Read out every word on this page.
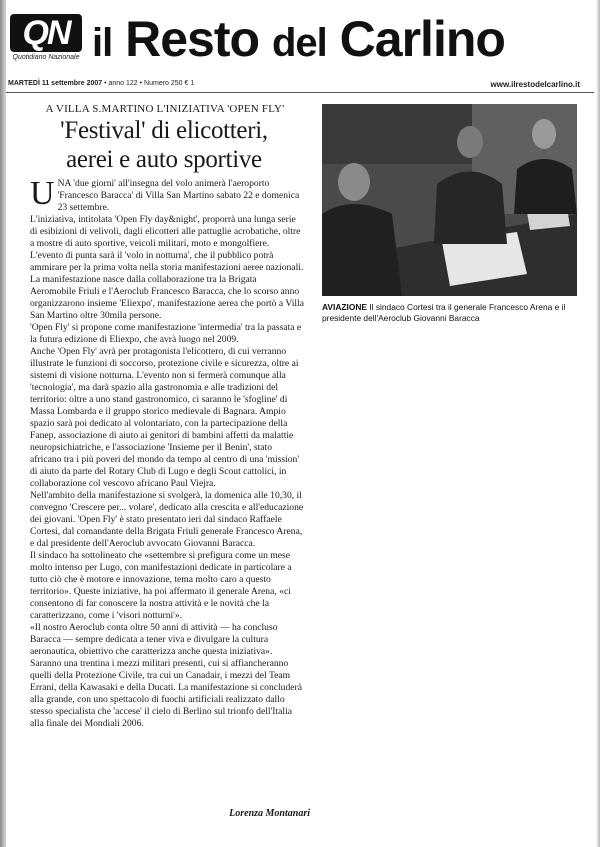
QN
Quotidiano Nazionale il Resto del Carlino
MARTEDÌ 11 settembre 2007 • anno 122 • Numero 250 € 1	www.ilrestodelcarlino.it
A VILLA S.MARTINO L'INIZIATIVA 'OPEN FLY'
'Festival' di elicotteri,
aerei e auto sportive

UNA 'due giorni' all'insegna del volo animerà l'aeroporto 'Francesco Baracca' di Villa San Martino sabato 22 e domenica 23 settembre.

L'iniziativa, intitolata 'Open Fly day&night', proporrà una lunga serie di esibizioni di velivoli, dagli elicotteri alle pattuglie acrobatiche, oltre a mostre di auto sportive, veicoli militari, moto e mongolfiere. L'evento di punta sarà il 'volo in notturna', che il pubblico potrà ammirare per la prima volta nella storia manifestazioni aeree nazionali. La manifestazione nasce dalla collaborazione tra la Brigata Aeromobile Friuli e l'Aeroclub Francesco Baracca, che lo scorso anno organizzarono insieme 'Eliexpo', manifestazione aerea che portò a Villa San Martino oltre 30mila persone.

'Open Fly' si propone come manifestazione 'intermedia' tra la passata e la futura edizione di Eliexpo, che avrà luogo nel 2009.

Anche 'Open Fly' avrà per protagonista l'elicottero, di cui verranno illustrate le funzioni di soccorso, protezione civile e sicurezza, oltre ai sistemi di visione notturna. L'evento non si fermerà comunque alla 'tecnologia', ma darà spazio alla gastronomia e alle tradizioni del territorio: oltre a uno stand gastronomico, ci saranno le 'sfogline' di Massa Lombarda e il gruppo storico medievale di Bagnara. Ampio spazio sarà poi dedicato al volontariato, con la partecipazione della Fanep, associazione di aiuto ai genitori di bambini affetti da malattie neuropsichiatriche, e l'associazione 'Insieme per il Benin', stato africano tra i più poveri del mondo da tempo al centro di una 'mission' di aiuto da parte del Rotary Club di Lugo e degli Scout cattolici, in collaborazione col vescovo africano Paul Viejra.

Nell'ambito della manifestazione si svolgerà, la domenica alle 10,30, il convegno 'Crescere per... volare', dedicato alla crescita e all'educazione dei giovani. 'Open Fly' è stato presentato ieri dal sindaco Raffaele Cortesi, dal comandante della Brigata Friuli generale Francesco Arena, e dal presidente dell'Aeroclub avvocato Giovanni Baracca.

Il sindaco ha sottolineato che «settembre si prefigura come un mese molto intenso per Lugo, con manifestazioni dedicate in particolare a tutto ciò che è motore e innovazione, tema molto caro a questo territorio». Queste iniziative, ha poi affermato il generale Arena, «ci consentono di far conoscere la nostra attività e le novità che la caratterizzano, come i 'visori notturni'».

«Il nostro Aeroclub conta oltre 50 anni di attività — ha concluso Baracca — sempre dedicata a tener viva e divulgare la cultura aeronautica, obiettivo che caratterizza anche questa iniziativa». Saranno una trentina i mezzi militari presenti, cui si affiancheranno quelli della Protezione Civile, tra cui un Canadair, i mezzi del Team Errani, della Kawasaki e della Ducati. La manifestazione si concluderà alla grande, con uno spettacolo di fuochi artificiali realizzato dallo stesso specialista che 'accese' il cielo di Berlino sul trionfo dell'Italia alla finale dei Mondiali 2006.

Lorenza Montanari
AVIAZIONE Il sindaco Cortesi tra il generale Francesco Arena e il presidente dell'Aeroclub Giovanni Baracca
